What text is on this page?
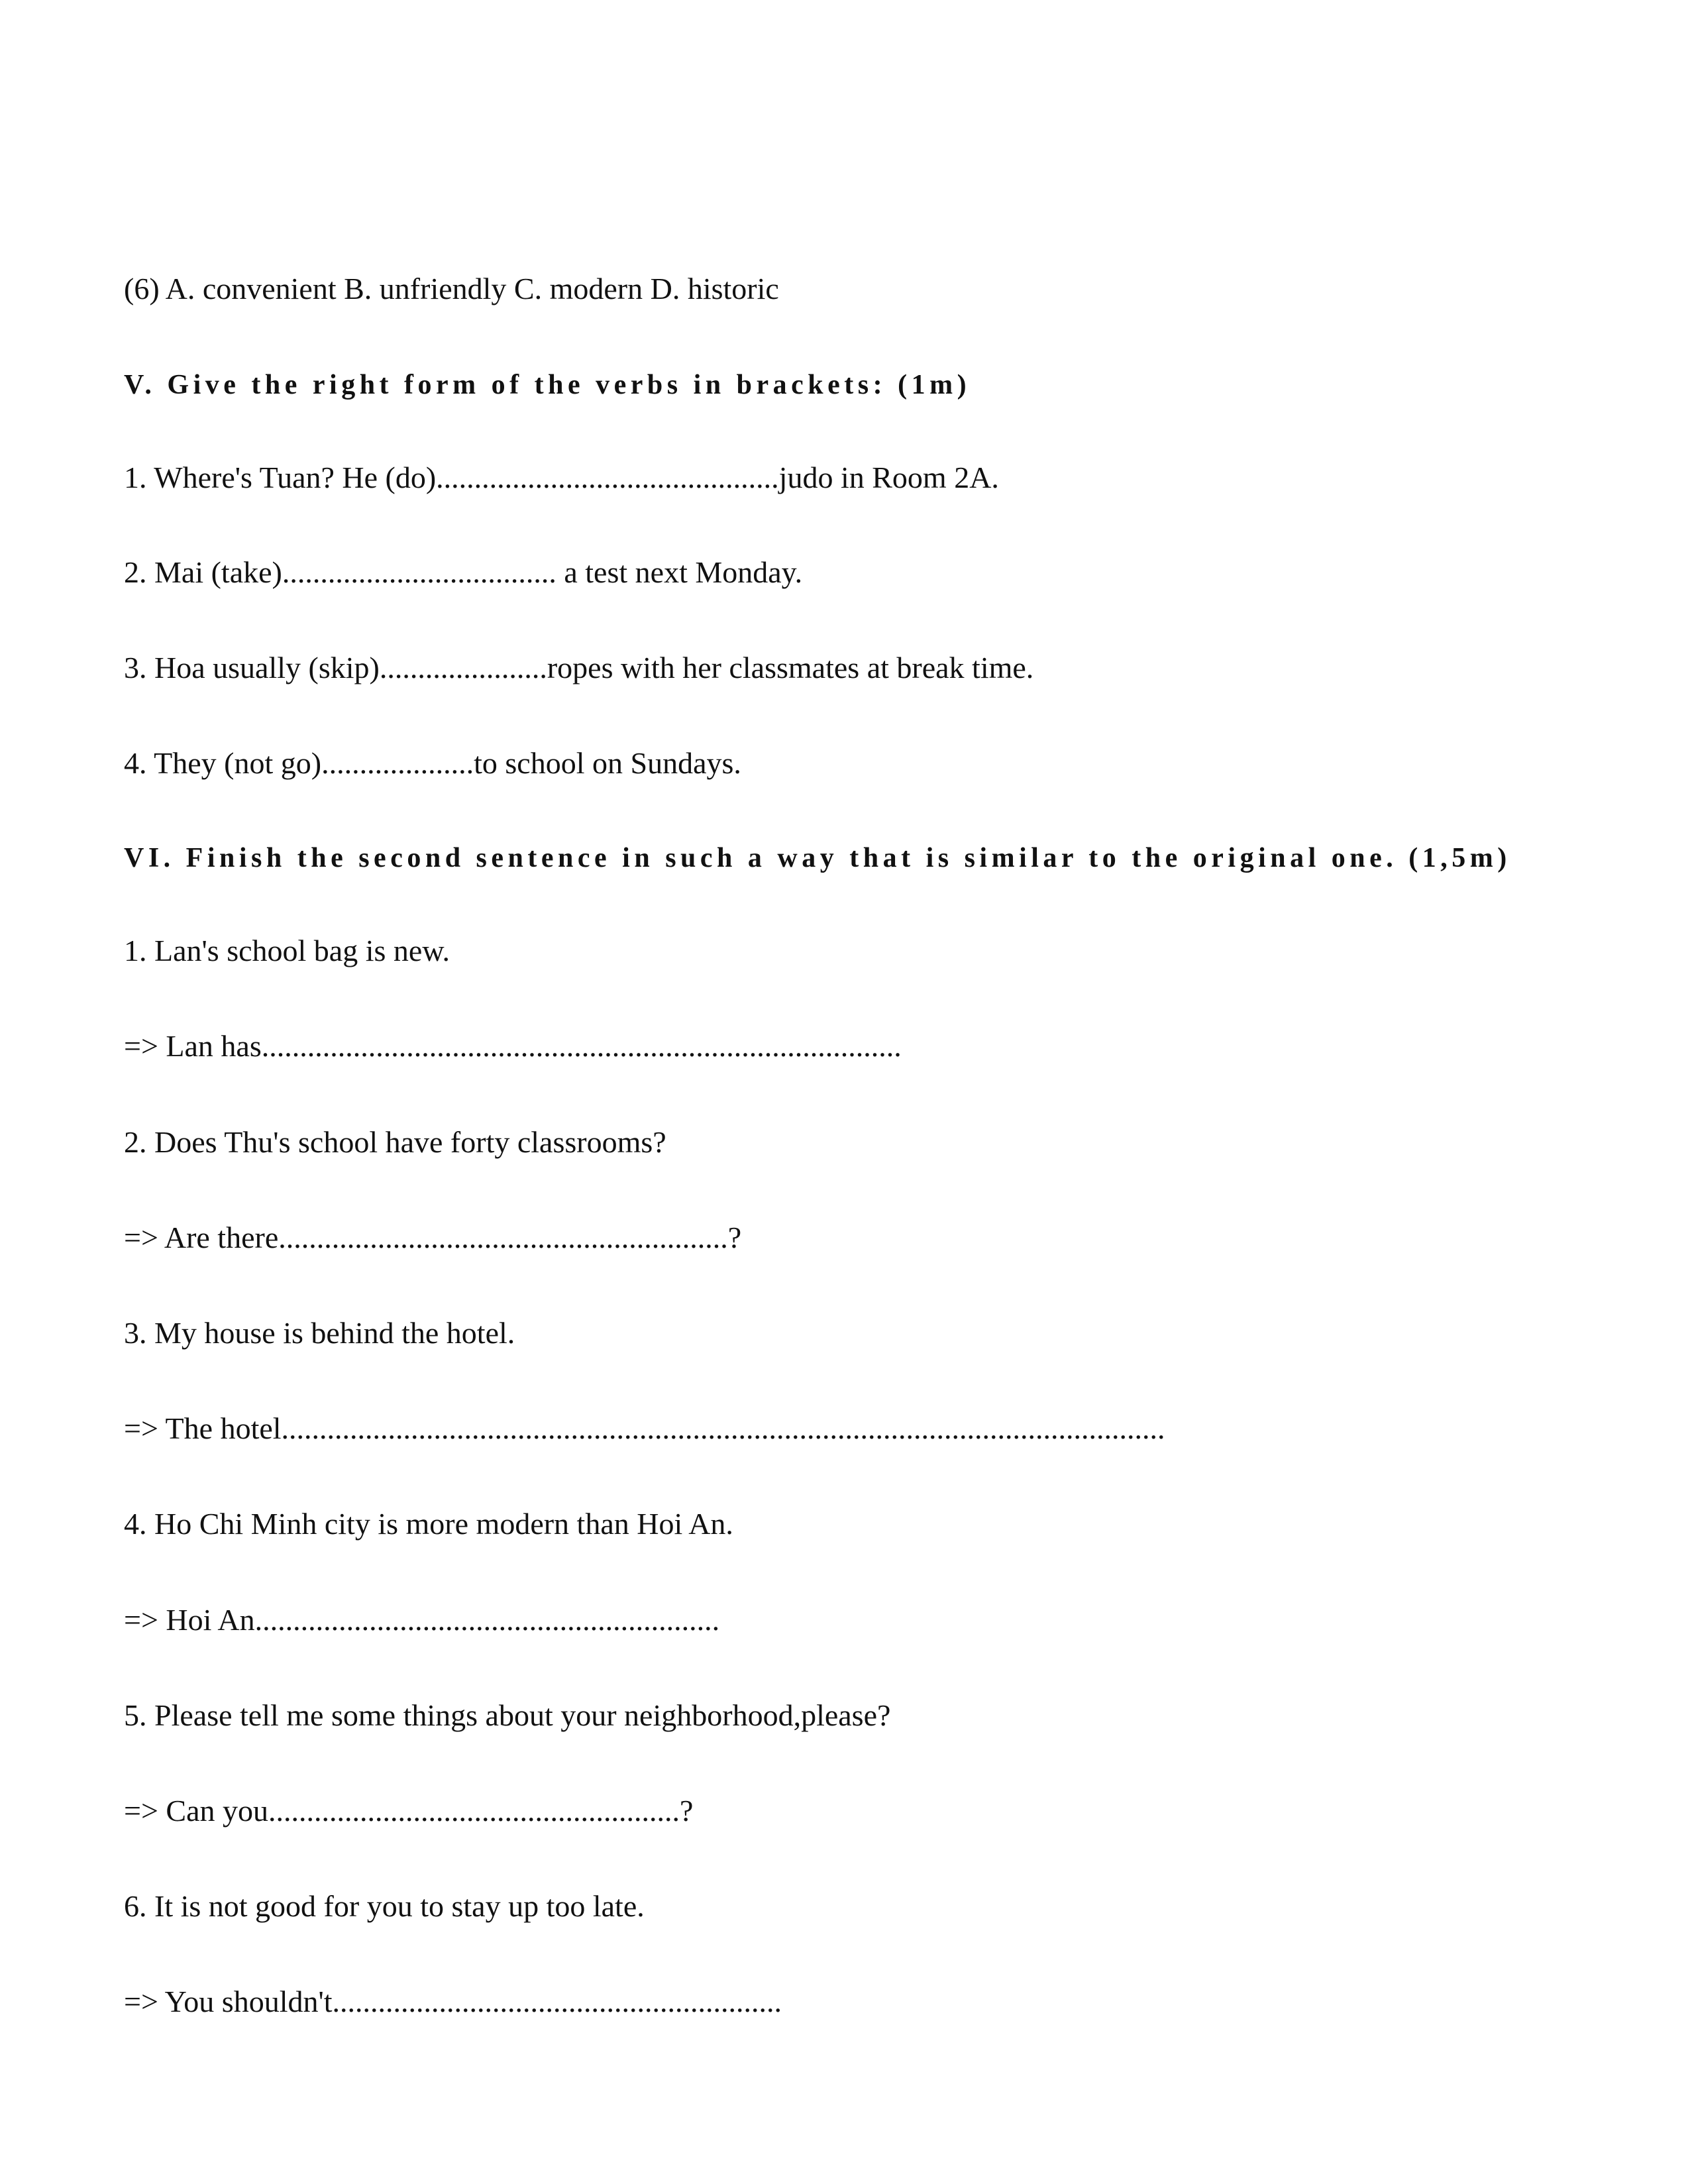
(6) A. convenient B. unfriendly C. modern D. historic
V. Give the right form of the verbs in brackets: (1m)
1. Where's Tuan? He (do).............................................judo in Room 2A.
2. Mai (take).................................... a test next Monday.
3. Hoa usually (skip)......................ropes with her classmates at break time.
4. They (not go)....................to school on Sundays.
VI. Finish the second sentence in such a way that is similar to the original one. (1,5m)
1. Lan's school bag is new.
=> Lan has....................................................................................
2. Does Thu's school have forty classrooms?
=> Are there...........................................................?
3. My house is behind the hotel.
=> The hotel....................................................................................................................
4. Ho Chi Minh city is more modern than Hoi An.
=> Hoi An.............................................................
5. Please tell me some things about your neighborhood,please?
=> Can you......................................................?
6. It is not good for you to stay up too late.
=> You shouldn't...........................................................
